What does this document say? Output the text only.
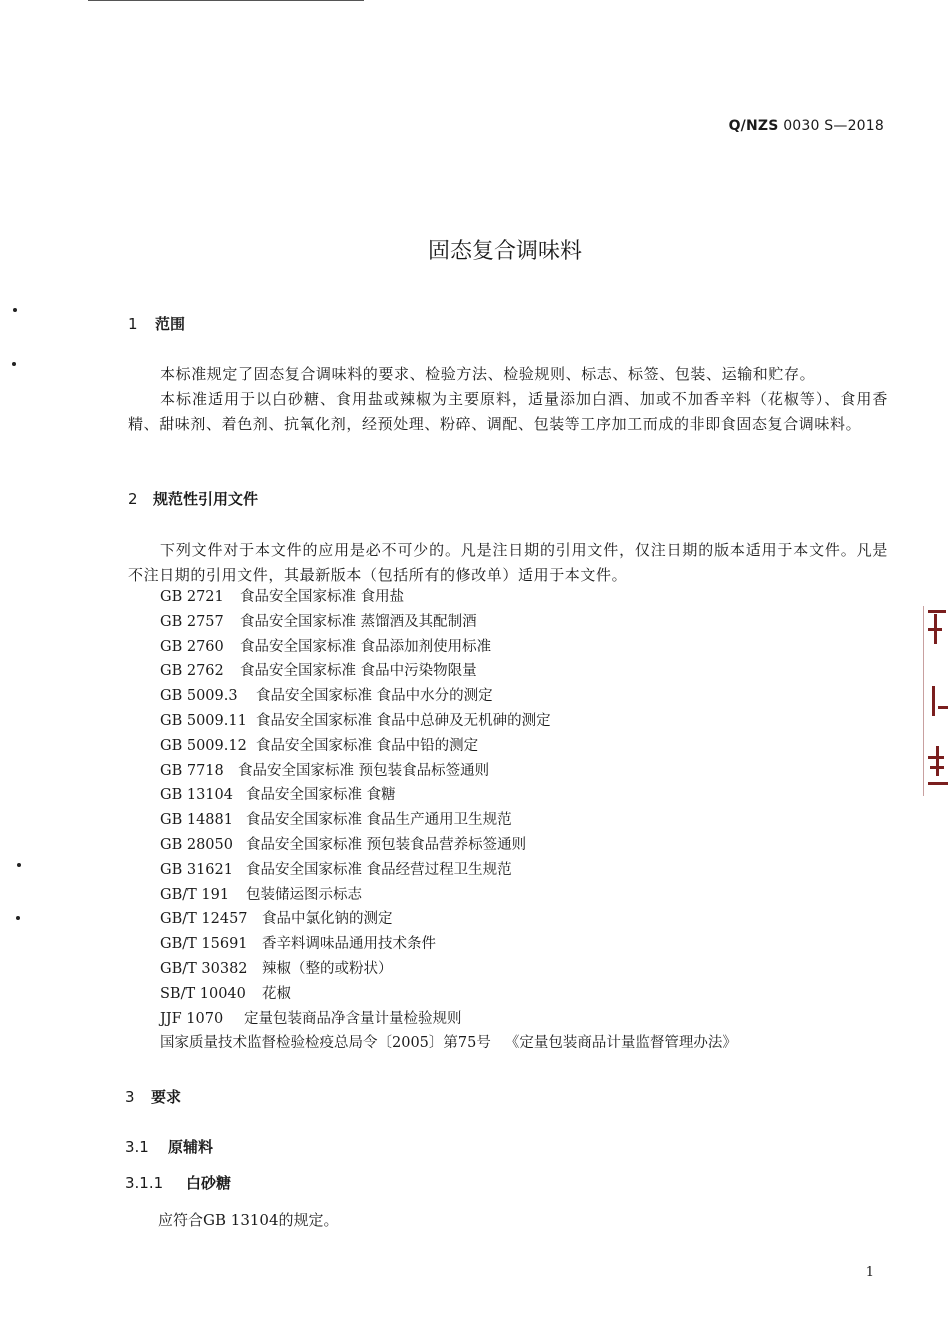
Q/NZS 0030 S—2018
固态复合调味料
1 范围

本标准规定了固态复合调味料的要求、检验方法、检验规则、标志、标签、包装、运输和贮存。

本标准适用于以白砂糖、食用盐或辣椒为主要原料，适量添加白酒、加或不加香辛料（花椒等）、食用香精、甜味剂、着色剂、抗氧化剂，经预处理、粉碎、调配、包装等工序加工而成的非即食固态复合调味料。

2 规范性引用文件

下列文件对于本文件的应用是必不可少的。凡是注日期的引用文件，仅注日期的版本适用于本文件。凡是不注日期的引用文件，其最新版本（包括所有的修改单）适用于本文件。

GB 2721 食品安全国家标准 食用盐
GB 2757 食品安全国家标准 蒸馏酒及其配制酒
GB 2760 食品安全国家标准 食品添加剂使用标准
GB 2762 食品安全国家标准 食品中污染物限量
GB 5009.3 食品安全国家标准 食品中水分的测定
GB 5009.11 食品安全国家标准 食品中总砷及无机砷的测定
GB 5009.12 食品安全国家标准 食品中铅的测定
GB 7718 食品安全国家标准 预包装食品标签通则
GB 13104 食品安全国家标准 食糖
GB 14881 食品安全国家标准 食品生产通用卫生规范
GB 28050 食品安全国家标准 预包装食品营养标签通则
GB 31621 食品安全国家标准 食品经营过程卫生规范
GB/T 191 包装储运图示标志
GB/T 12457 食品中氯化钠的测定
GB/T 15691 香辛料调味品通用技术条件
GB/T 30382 辣椒（整的或粉状）
SB/T 10040 花椒
JJF 1070 定量包装商品净含量计量检验规则
国家质量技术监督检验检疫总局令〔2005〕第75号 《定量包装商品计量监督管理办法》
3 要求
3.1 原辅料
3.1.1 白砂糖
应符合GB 13104的规定。
1
